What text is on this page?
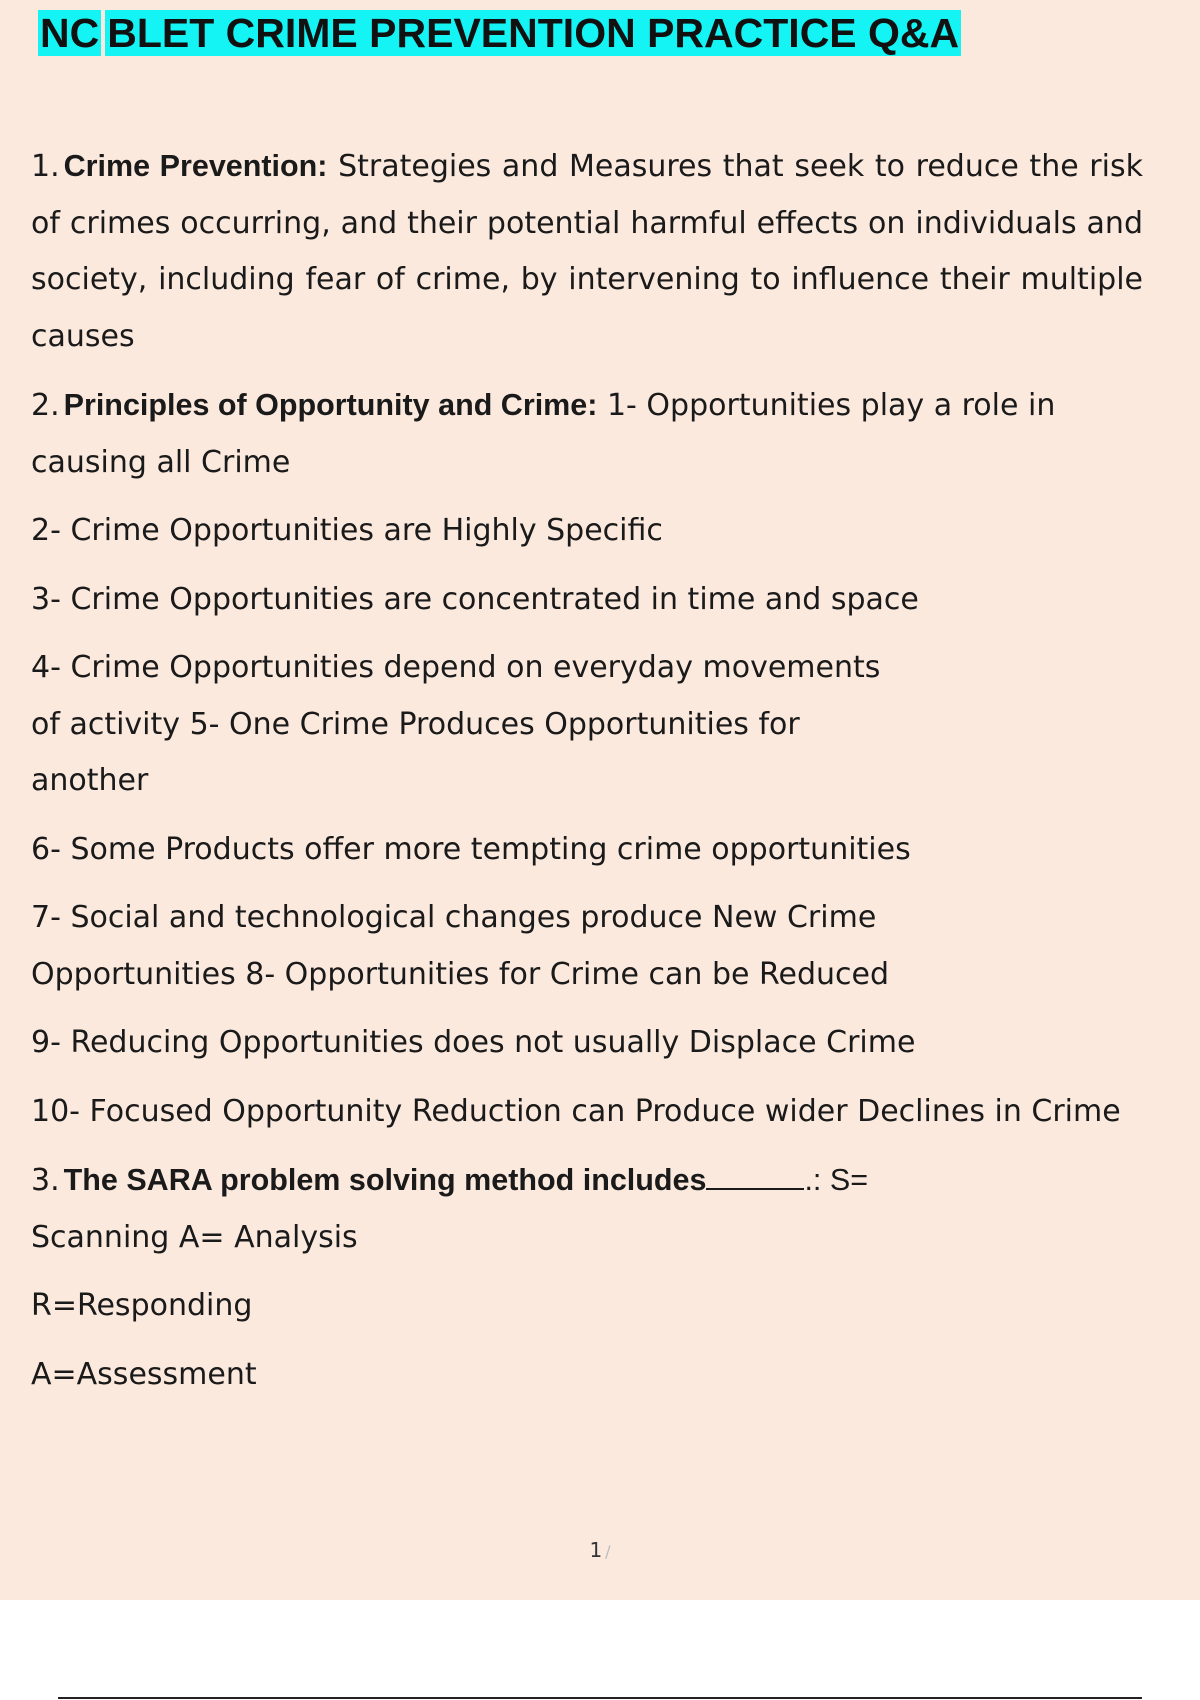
NC BLET CRIME PREVENTION PRACTICE Q&A

1. Crime Prevention: Strategies and Measures that seek to reduce the risk of crimes occurring, and their potential harmful effects on individuals and society, including fear of crime, by intervening to influence their multiple causes

2. Principles of Opportunity and Crime: 1- Opportunities play a role in causing all Crime

2- Crime Opportunities are Highly Specific

3- Crime Opportunities are concentrated in time and space

4- Crime Opportunities depend on everyday movements of activity 5- One Crime Produces Opportunities for another

6- Some Products offer more tempting crime opportunities

7- Social and technological changes produce New Crime Opportunities 8- Opportunities for Crime can be Reduced

9- Reducing Opportunities does not usually Displace Crime

10- Focused Opportunity Reduction can Produce wider Declines in Crime

3. The SARA problem solving method includes	.: S=

Scanning A= Analysis

R=Responding

A=Assessment

1 /
